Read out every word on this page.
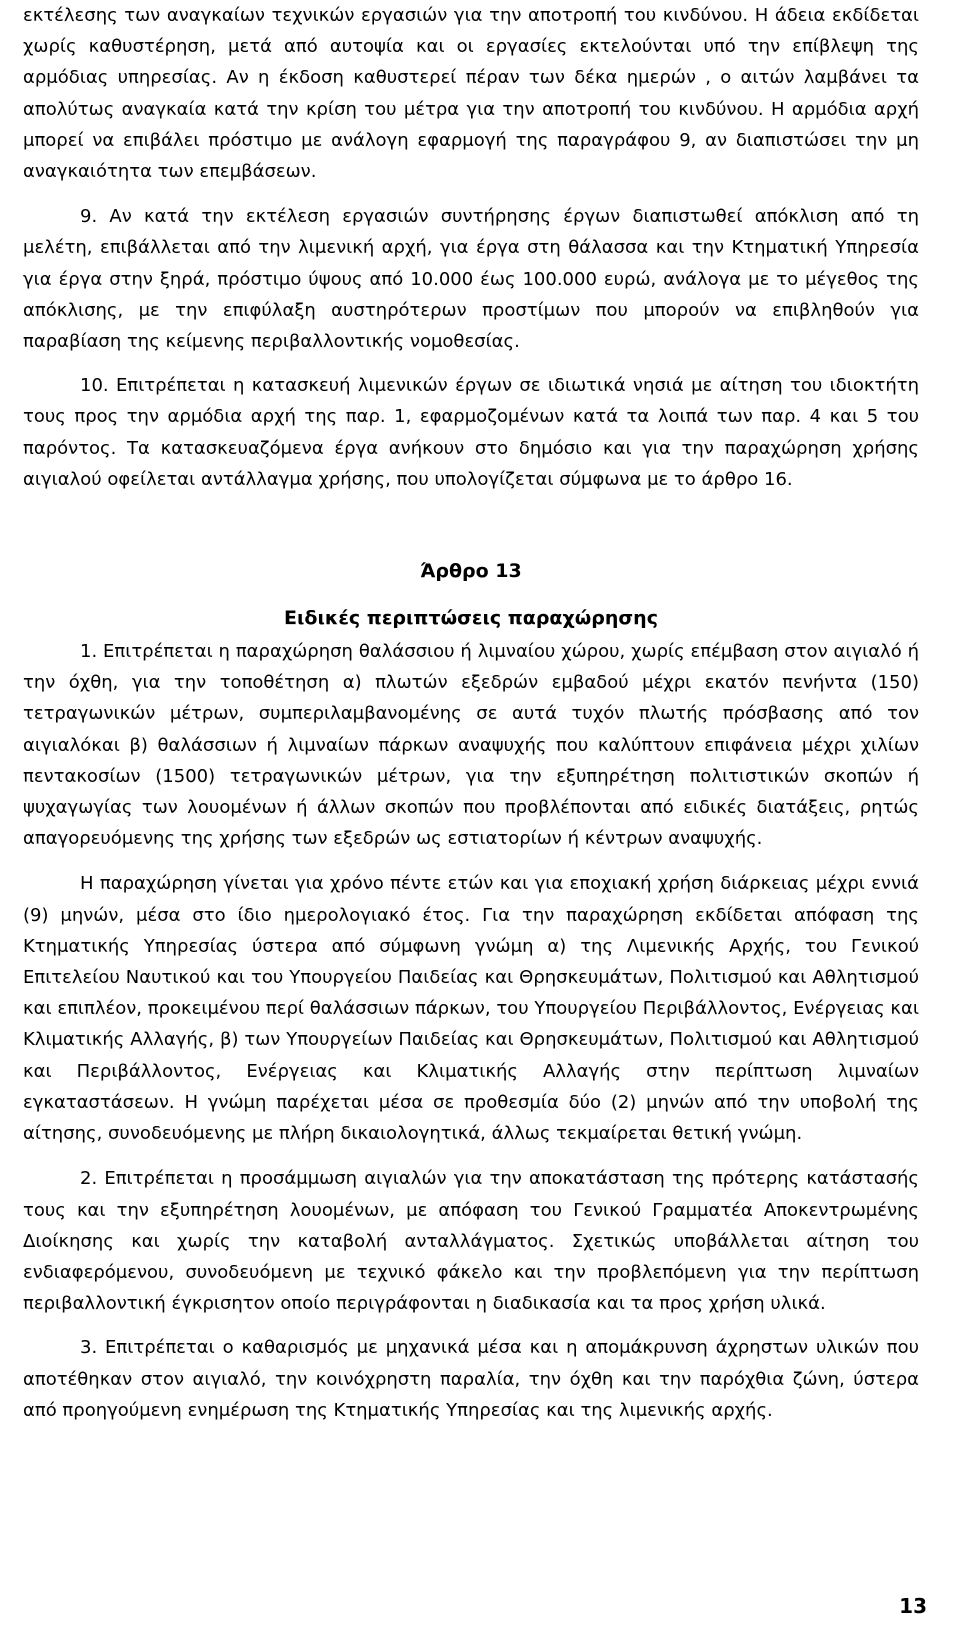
εκτέλεσης των αναγκαίων τεχνικών εργασιών για την αποτροπή του κινδύνου. Η άδεια εκδίδεται χωρίς καθυστέρηση, μετά από αυτοψία και οι εργασίες εκτελούνται υπό την επίβλεψη της αρμόδιας υπηρεσίας. Αν η έκδοση καθυστερεί πέραν των δέκα ημερών , ο αιτών λαμβάνει τα απολύτως αναγκαία κατά την κρίση του μέτρα για την αποτροπή του κινδύνου. Η αρμόδια αρχή μπορεί να επιβάλει πρόστιμο με ανάλογη εφαρμογή της παραγράφου 9, αν διαπιστώσει την μη αναγκαιότητα των επεμβάσεων.

9. Αν κατά την εκτέλεση εργασιών συντήρησης έργων διαπιστωθεί απόκλιση από τη μελέτη, επιβάλλεται από την λιμενική αρχή, για έργα στη θάλασσα και την Κτηματική Υπηρεσία για έργα στην ξηρά, πρόστιμο ύψους από 10.000 έως 100.000 ευρώ, ανάλογα με το μέγεθος της απόκλισης, με την επιφύλαξη αυστηρότερων προστίμων που μπορούν να επιβληθούν για παραβίαση της κείμενης περιβαλλοντικής νομοθεσίας.

10. Επιτρέπεται η κατασκευή λιμενικών έργων σε ιδιωτικά νησιά με αίτηση του ιδιοκτήτη τους προς την αρμόδια αρχή της παρ. 1, εφαρμοζομένων κατά τα λοιπά των παρ. 4 και 5 του παρόντος. Τα κατασκευαζόμενα έργα ανήκουν στο δημόσιο και για την παραχώρηση χρήσης αιγιαλού οφείλεται αντάλλαγμα χρήσης, που υπολογίζεται σύμφωνα με το άρθρο 16.

Άρθρο 13
Ειδικές περιπτώσεις παραχώρησης

1. Επιτρέπεται η παραχώρηση θαλάσσιου ή λιμναίου χώρου, χωρίς επέμβαση στον αιγιαλό ή την όχθη, για την τοποθέτηση α) πλωτών εξεδρών εμβαδού μέχρι εκατόν πενήντα (150) τετραγωνικών μέτρων, συμπεριλαμβανομένης σε αυτά τυχόν πλωτής πρόσβασης από τον αιγιαλόκαι β) θαλάσσιων ή λιμναίων πάρκων αναψυχής που καλύπτουν επιφάνεια μέχρι χιλίων πεντακοσίων (1500) τετραγωνικών μέτρων, για την εξυπηρέτηση πολιτιστικών σκοπών ή ψυχαγωγίας των λουομένων ή άλλων σκοπών που προβλέπονται από ειδικές διατάξεις, ρητώς απαγορευόμενης της χρήσης των εξεδρών ως εστιατορίων ή κέντρων αναψυχής.

Η παραχώρηση γίνεται για χρόνο πέντε ετών και για εποχιακή χρήση διάρκειας μέχρι εννιά (9) μηνών, μέσα στο ίδιο ημερολογιακό έτος. Για την παραχώρηση εκδίδεται απόφαση της Κτηματικής Υπηρεσίας ύστερα από σύμφωνη γνώμη α) της Λιμενικής Αρχής, του Γενικού Επιτελείου Ναυτικού και του Υπουργείου Παιδείας και Θρησκευμάτων, Πολιτισμού και Αθλητισμού και επιπλέον, προκειμένου περί θαλάσσιων πάρκων, του Υπουργείου Περιβάλλοντος, Ενέργειας και Κλιματικής Αλλαγής, β) των Υπουργείων Παιδείας και Θρησκευμάτων, Πολιτισμού και Αθλητισμού και Περιβάλλοντος, Ενέργειας και Κλιματικής Αλλαγής στην περίπτωση λιμναίων εγκαταστάσεων. Η γνώμη παρέχεται μέσα σε προθεσμία δύο (2) μηνών από την υποβολή της αίτησης, συνοδευόμενης με πλήρη δικαιολογητικά, άλλως τεκμαίρεται θετική γνώμη.

2. Επιτρέπεται η προσάμμωση αιγιαλών για την αποκατάσταση της πρότερης κατάστασής τους και την εξυπηρέτηση λουομένων, με απόφαση του Γενικού Γραμματέα Αποκεντρωμένης Διοίκησης και χωρίς την καταβολή ανταλλάγματος. Σχετικώς υποβάλλεται αίτηση του ενδιαφερόμενου, συνοδευόμενη με τεχνικό φάκελο και την προβλεπόμενη για την περίπτωση περιβαλλοντική έγκρισητον οποίο περιγράφονται η διαδικασία και τα προς χρήση υλικά.

3. Επιτρέπεται ο καθαρισμός με μηχανικά μέσα και η απομάκρυνση άχρηστων υλικών που αποτέθηκαν στον αιγιαλό, την κοινόχρηστη παραλία, την όχθη και την παρόχθια ζώνη, ύστερα από προηγούμενη ενημέρωση της Κτηματικής Υπηρεσίας και της λιμενικής αρχής.

13
